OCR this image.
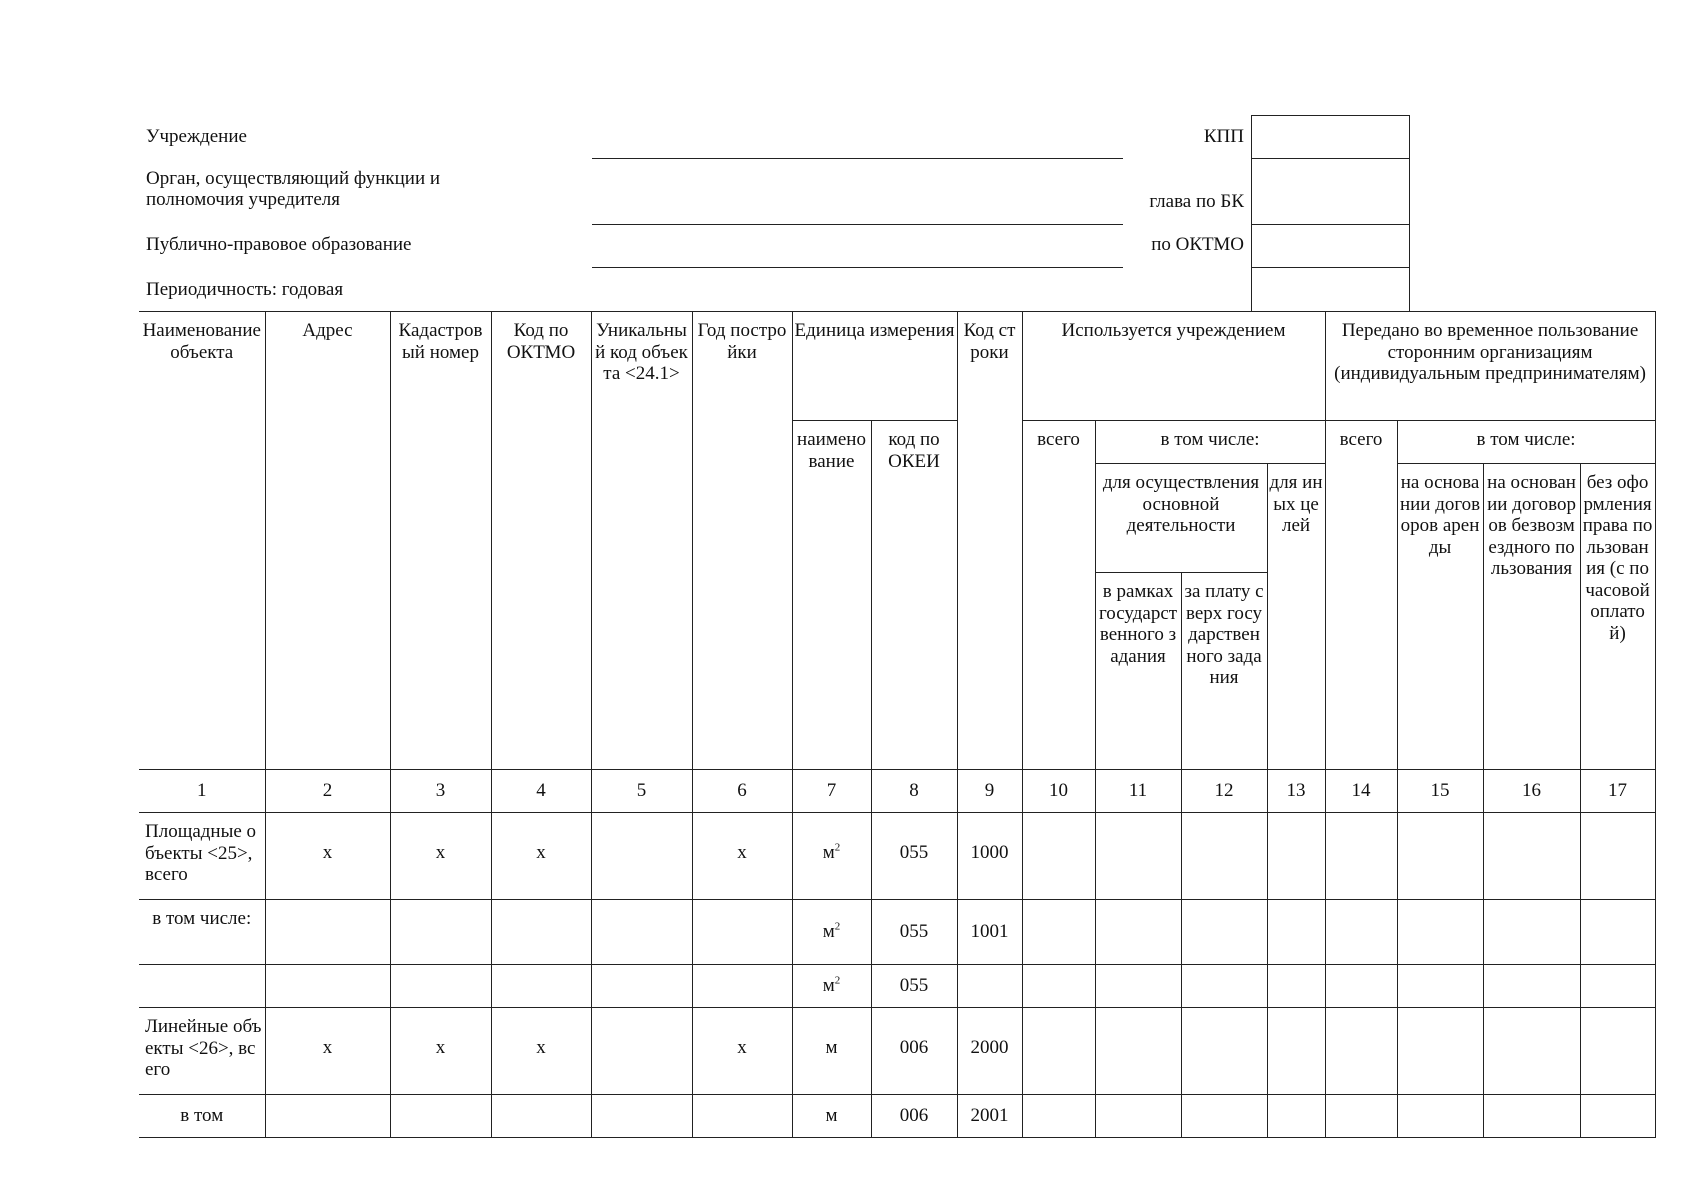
Учреждение
Орган, осуществляющий функции и полномочия учредителя
Публично-правовое образование
Периодичность: годовая
КПП
глава по БК
по ОКТМО
Наименование объекта	Адрес	Кадастровый номер	Код по ОКТМО	Уникальный код объекта <24.1>	Год постройки	Единица измерения		Код строки	Используется учреждением				Передано во временное пользование сторонним организациям (индивидуальным предпринимателям)			
						наименование	код по ОКЕИ		всего	в том числе:			всего	в том числе:		
										для осуществления основной деятельности		для иных целей		на основании договоров аренды	на основании договоров безвозмездного пользования	без оформления права пользования (с почасовой оплатой)
										в рамках государственного задания	за плату сверх государственного задания					
1	2	3	4	5	6	7	8	9	10	11	12	13	14	15	16	17
Площадные объекты <25>, всего	x	x	x		x	$м^2$	055	1000								
в том числе:						$м^2$	055	1001								
						$м^2$	055									
Линейные объекты <26>, всего	x	x	x		x	м	006	2000								
в том						м	006	2001								
